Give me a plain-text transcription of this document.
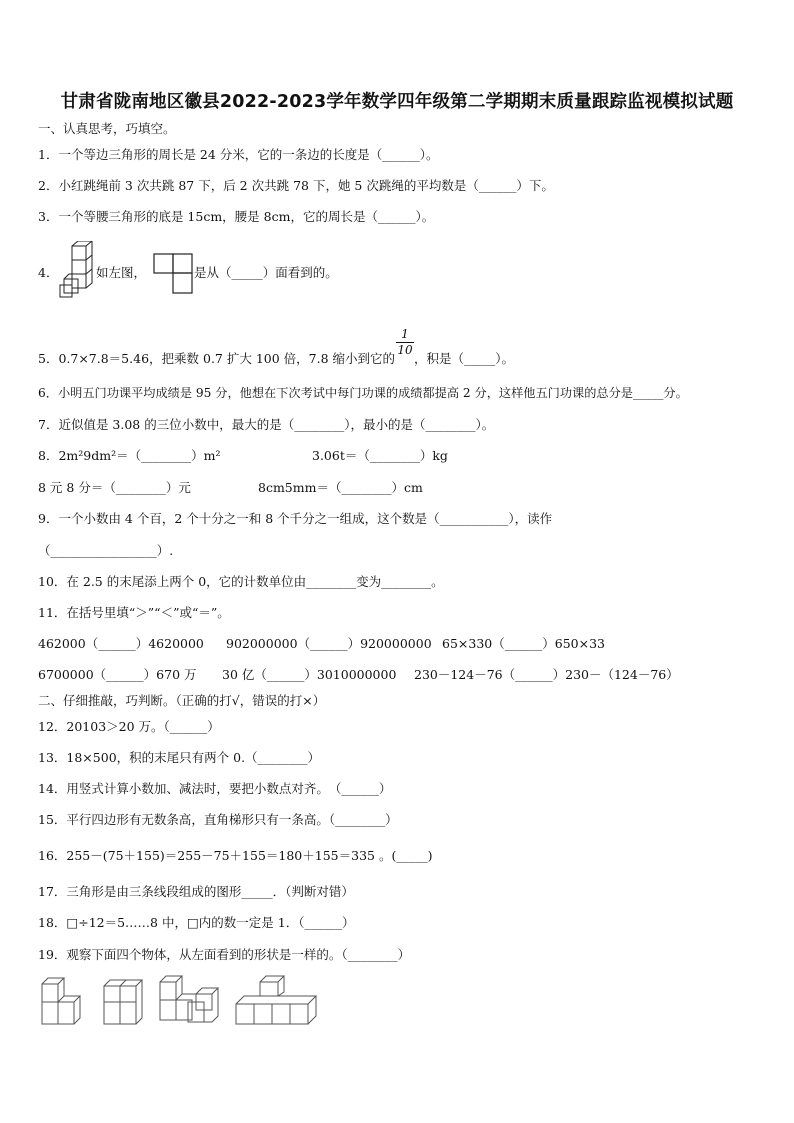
甘肃省陇南地区徽县2022-2023学年数学四年级第二学期期末质量跟踪监视模拟试题
一、认真思考，巧填空。
1．一个等边三角形的周长是 24 分米，它的一条边的长度是（______）。
2．小红跳绳前 3 次共跳 87 下，后 2 次共跳 78 下，她 5 次跳绳的平均数是（______）下。
3．一个等腰三角形的底是 15cm，腰是 8cm，它的周长是（______）。
4．	如左图，	是从（_____）面看到的。
5．0.7×7.8＝5.46，把乘数 0.7 扩大 100 倍，7.8 缩小到它的
1
10
，积是（_____）。
6．小明五门功课平均成绩是 95 分，他想在下次考试中每门功课的成绩都提高 2 分，这样他五门功课的总分是_____分。
7．近似值是 3.08 的三位小数中，最大的是（________），最小的是（________）。
8．2m²9dm²＝（________）m²	3.06t＝（________）kg
8 元 8 分＝（________）元	8cm5mm＝（________）cm
9．一个小数由 4 个百，2 个十分之一和 8 个千分之一组成，这个数是（___________），读作
（_________________）.
10．在 2.5 的末尾添上两个 0，它的计数单位由________变为________。
11．在括号里填“＞”“＜”或“＝”。
462000（______）4620000 902000000（______）920000000 65×330（______）650×33
6700000（______）670 万 30 亿（______）3010000000 230－124－76（______）230－（124－76）
二、仔细推敲，巧判断。（正确的打√，错误的打×）
12．20103＞20 万。（______）
13．18×500，积的末尾只有两个 0.（________）
14．用竖式计算小数加、减法时，要把小数点对齐。　（______）
15．平行四边形有无数条高，直角梯形只有一条高。（________）
16．255－(75＋155)＝255－75＋155＝180＋155＝335 。(_____)
17．三角形是由三条线段组成的图形_____．（判断对错）
18．□÷12＝5……8 中，□内的数一定是 1．（______）
19．观察下面四个物体，从左面看到的形状是一样的。（________）
